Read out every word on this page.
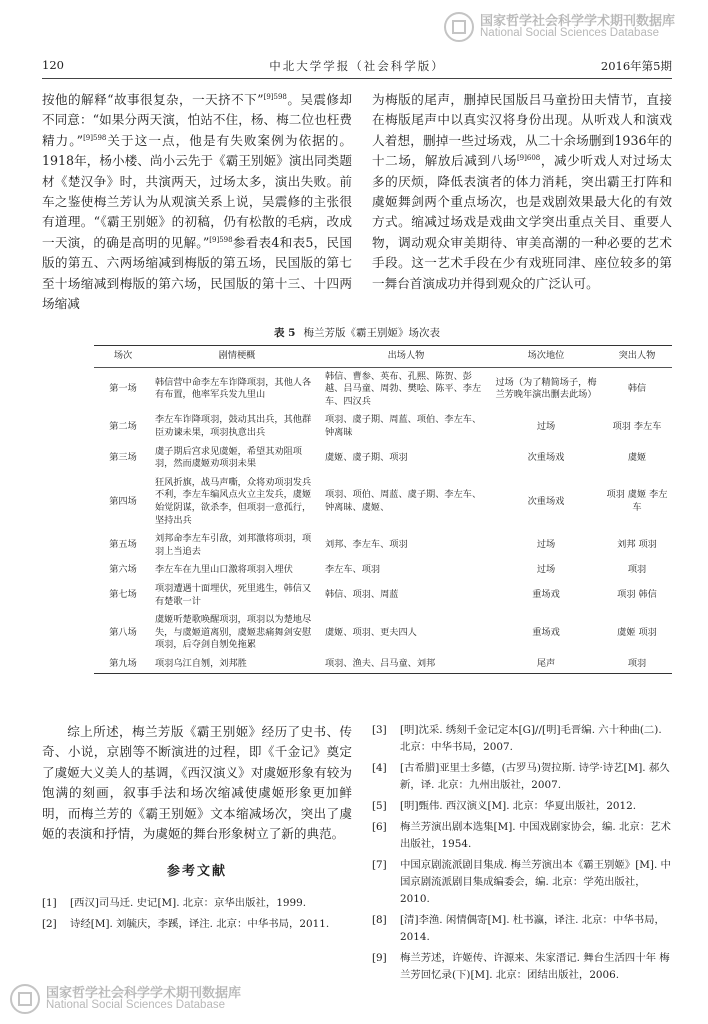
国家哲学社会科学学术期刊数据库
National Social Sciences Database
120	中北大学学报（社会科学版）	2016年第5期

按他的解释“故事很复杂，一天挤不下”$^{[9]598}$。吴震修却不同意：“如果分两天演，怕站不住，杨、梅二位也枉费精力。”$^{[9]598}$关于这一点，他是有失败案例为依据的。1918年，杨小楼、尚小云先于《霸王别姬》演出同类题材《楚汉争》时，共演两天，过场太多，演出失败。前车之鉴使梅兰芳认为从观演关系上说，吴震修的主张很有道理。“《霸王别姬》的初稿，仍有松散的毛病，改成一天演，的确是高明的见解。”$^{[9]598}$参看表4和表5，民国版的第五、六两场缩减到梅版的第五场，民国版的第七至十场缩减到梅版的第六场，民国版的第十三、十四两场缩减

为梅版的尾声，删掉民国版吕马童扮田夫情节，直接在梅版尾声中以真实汉将身份出现。从听戏人和演戏人着想，删掉一些过场戏，从二十余场删到1936年的十二场，解放后减到八场$^{[9]608}$，减少听戏人对过场太多的厌烦，降低表演者的体力消耗，突出霸王打阵和虞姬舞剑两个重点场次，也是戏剧效果最大化的有效方式。缩减过场戏是戏曲文学突出重点关目、重要人物，调动观众审美期待、审美高潮的一种必要的艺术手段。这一艺术手段在少有戏班同津、座位较多的第一舞台首演成功并得到观众的广泛认可。

表 5 梅兰芳版《霸王别姬》场次表
场次	剧情梗概	出场人物	场次地位	突出人物
第一场	韩信营中命李左车诈降项羽，其他人各有布置，他率军兵发九里山	韩信、曹参、英布、孔熙、陈贺、彭越、吕马童、周勃、樊哙、陈平、李左车、四汉兵	过场（为了精简场子，梅兰芳晚年演出删去此场）	韩信
第二场	李左车诈降项羽，鼓动其出兵，其他群臣劝谏未果，项羽执意出兵	项羽、虞子期、周蓝、项伯、李左车、钟离昧	过场	项羽 李左车
第三场	虞子期后宫求见虞姬，希望其劝阻项羽，然而虞姬劝项羽未果	虞姬、虞子期、项羽	次重场戏	虞姬
第四场	狂风折旗，战马声嘶，众将劝项羽发兵不利，李左车编风点火立主发兵，虞姬始觉阴谋，欲杀李，但项羽一意孤行，坚持出兵	项羽、项伯、周蓝、虞子期、李左车、钟离昧、虞姬、	次重场戏	项羽 虞姬 李左车
第五场	刘邦命李左车引敌，刘邦激将项羽，项羽上当追去	刘邦、李左车、项羽	过场	刘邦 项羽
第六场	李左车在九里山口激将项羽入埋伏	李左车、项羽	过场	项羽
第七场	项羽遭遇十面埋伏，死里逃生，韩信又有楚歌一计	韩信、项羽、周蓝	重场戏	项羽 韩信
第八场	虞姬听楚歌唤醒项羽，项羽以为楚地尽失，与虞姬道离别，虞姬悲痛舞剑安慰项羽，后夺剑自刎免拖累	虞姬、项羽、更夫四人	重场戏	虞姬 项羽
第九场	项羽乌江自刎，刘邦胜	项羽、渔夫、吕马童、刘邦	尾声	项羽

综上所述，梅兰芳版《霸王别姬》经历了史书、传奇、小说，京剧等不断演进的过程，即《千金记》奠定了虞姬大义美人的基调，《西汉演义》对虞姬形象有较为饱满的刻画，叙事手法和场次缩减使虞姬形象更加鲜明，而梅兰芳的《霸王别姬》文本缩减场次，突出了虞姬的表演和抒情，为虞姬的舞台形象树立了新的典范。

参考文献
[1] [西汉]司马迁. 史记[M]. 北京：京华出版社，1999.
[2] 诗经[M]. 刘毓庆，李蹊，译注. 北京：中华书局，2011.
[3] [明]沈采. 绣刻千金记定本[G]//[明]毛晋编. 六十种曲(二). 北京：中华书局，2007.
[4] [古希腊]亚里士多德，(古罗马)贺拉斯. 诗学·诗艺[M]. 郝久新，译. 北京：九州出版社，2007.
[5] [明]甄伟. 西汉演义[M]. 北京：华夏出版社，2012.
[6] 梅兰芳演出剧本选集[M]. 中国戏剧家协会，编. 北京：艺术出版社，1954.
[7] 中国京剧流派剧目集成. 梅兰芳演出本《霸王别姬》[M]. 中国京剧流派剧目集成编委会，编. 北京：学苑出版社，2010.
[8] [清]李渔. 闲情偶寄[M]. 杜书瀛，译注. 北京：中华书局，2014.
[9] 梅兰芳述，许姬传、许源来、朱家溍记. 舞台生活四十年 梅兰芳回忆录(下)[M]. 北京：团结出版社，2006.
国家哲学社会科学学术期刊数据库
National Social Sciences Database
